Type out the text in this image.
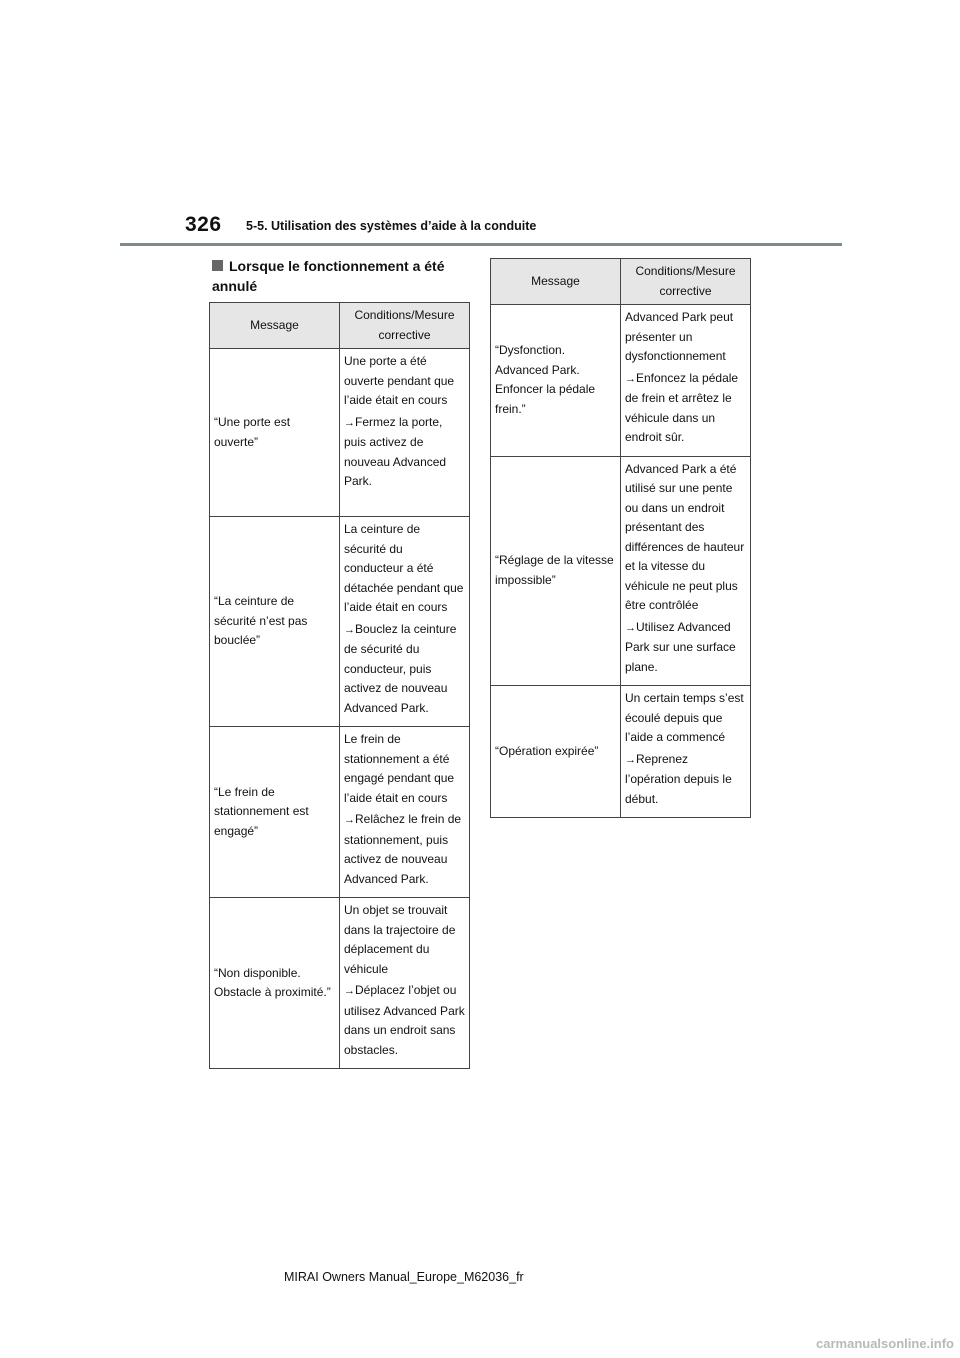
326 5-5. Utilisation des systèmes d’aide à la conduite
Lorsque le fonctionnement a été annulé
Message	Conditions/Mesure corrective
“Une porte est ouverte”	Une porte a été ouverte pendant que l’aide était en cours

→Fermez la porte, puis activez de nouveau Advanced Park.

“La ceinture de sécurité n’est pas bouclée”	La ceinture de sécurité du conducteur a été détachée pendant que l’aide était en cours

→Bouclez la ceinture de sécurité du conducteur, puis activez de nouveau Advanced Park.

“Le frein de stationnement est engagé”	Le frein de stationnement a été engagé pendant que l’aide était en cours

→Relâchez le frein de stationnement, puis activez de nouveau Advanced Park.

“Non disponible. Obstacle à proximité.”	Un objet se trouvait dans la trajectoire de déplacement du véhicule

→Déplacez l’objet ou utilisez Advanced Park dans un endroit sans obstacles.

Message	Conditions/Mesure corrective
“Dysfonction. Advanced Park. Enfoncer la pédale frein.”	Advanced Park peut présenter un dysfonctionnement

→Enfoncez la pédale de frein et arrêtez le véhicule dans un endroit sûr.

“Réglage de la vitesse impossible”	Advanced Park a été utilisé sur une pente ou dans un endroit présentant des différences de hauteur et la vitesse du véhicule ne peut plus être contrôlée

→Utilisez Advanced Park sur une surface plane.

“Opération expirée”	Un certain temps s’est écoulé depuis que l’aide a commencé

→Reprenez l’opération depuis le début.

MIRAI Owners Manual_Europe_M62036_fr
carmanualsonline.info
